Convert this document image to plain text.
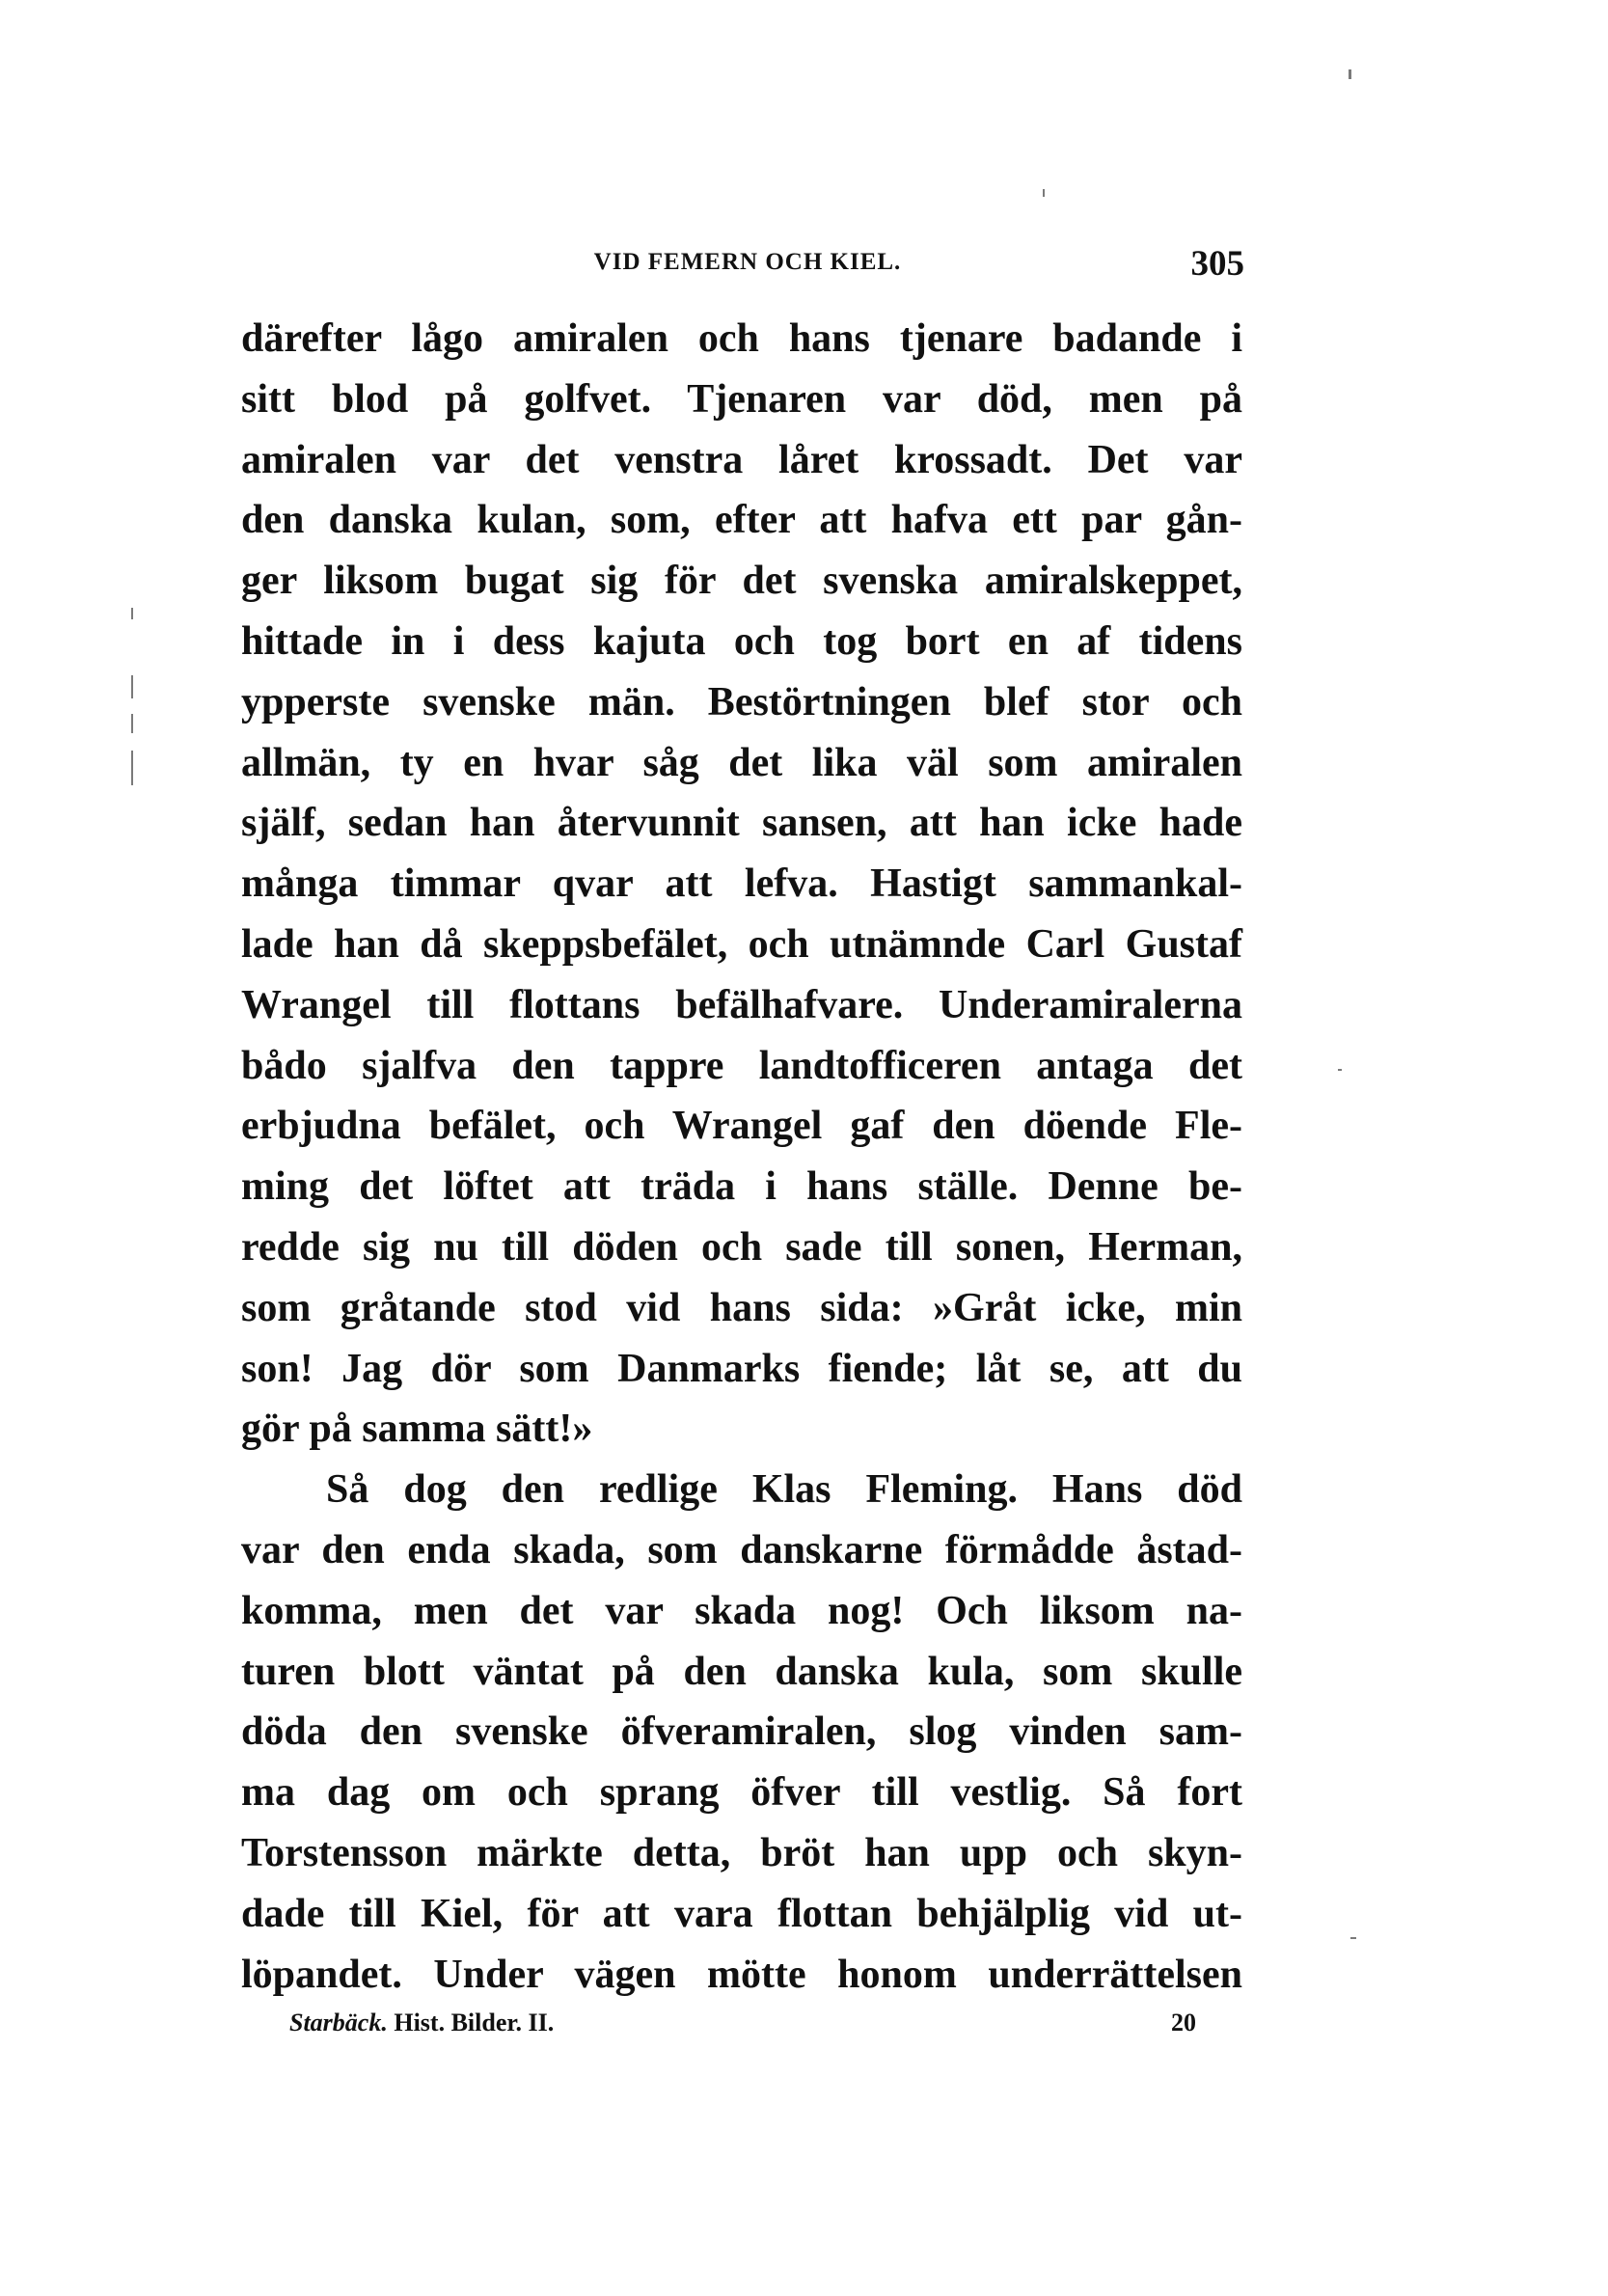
VID FEMERN OCH KIEL.	305
därefter lågo amiralen och hans tjenare badande i
sitt blod på golfvet. Tjenaren var död, men på
amiralen var det venstra låret krossadt. Det var
den danska kulan, som, efter att hafva ett par gån-
ger liksom bugat sig för det svenska amiralskeppet,
hittade in i dess kajuta och tog bort en af tidens
ypperste svenske män. Bestörtningen blef stor och
allmän, ty en hvar såg det lika väl som amiralen
själf, sedan han återvunnit sansen, att han icke hade
många timmar qvar att lefva. Hastigt sammankal-
lade han då skeppsbefälet, och utnämnde Carl Gustaf
Wrangel till flottans befälhafvare. Underamiralerna
bådo sjalfva den tappre landtofficeren antaga det
erbjudna befälet, och Wrangel gaf den döende Fle-
ming det löftet att träda i hans ställe. Denne be-
redde sig nu till döden och sade till sonen, Herman,
som gråtande stod vid hans sida: »Gråt icke, min
son! Jag dör som Danmarks fiende; låt se, att du
gör på samma sätt!»
Så dog den redlige Klas Fleming. Hans död
var den enda skada, som danskarne förmådde åstad-
komma, men det var skada nog! Och liksom na-
turen blott väntat på den danska kula, som skulle
döda den svenske öfveramiralen, slog vinden sam-
ma dag om och sprang öfver till vestlig. Så fort
Torstensson märkte detta, bröt han upp och skyn-
dade till Kiel, för att vara flottan behjälplig vid ut-
löpandet. Under vägen mötte honom underrättelsen
Starbäck. Hist. Bilder. II.	20
